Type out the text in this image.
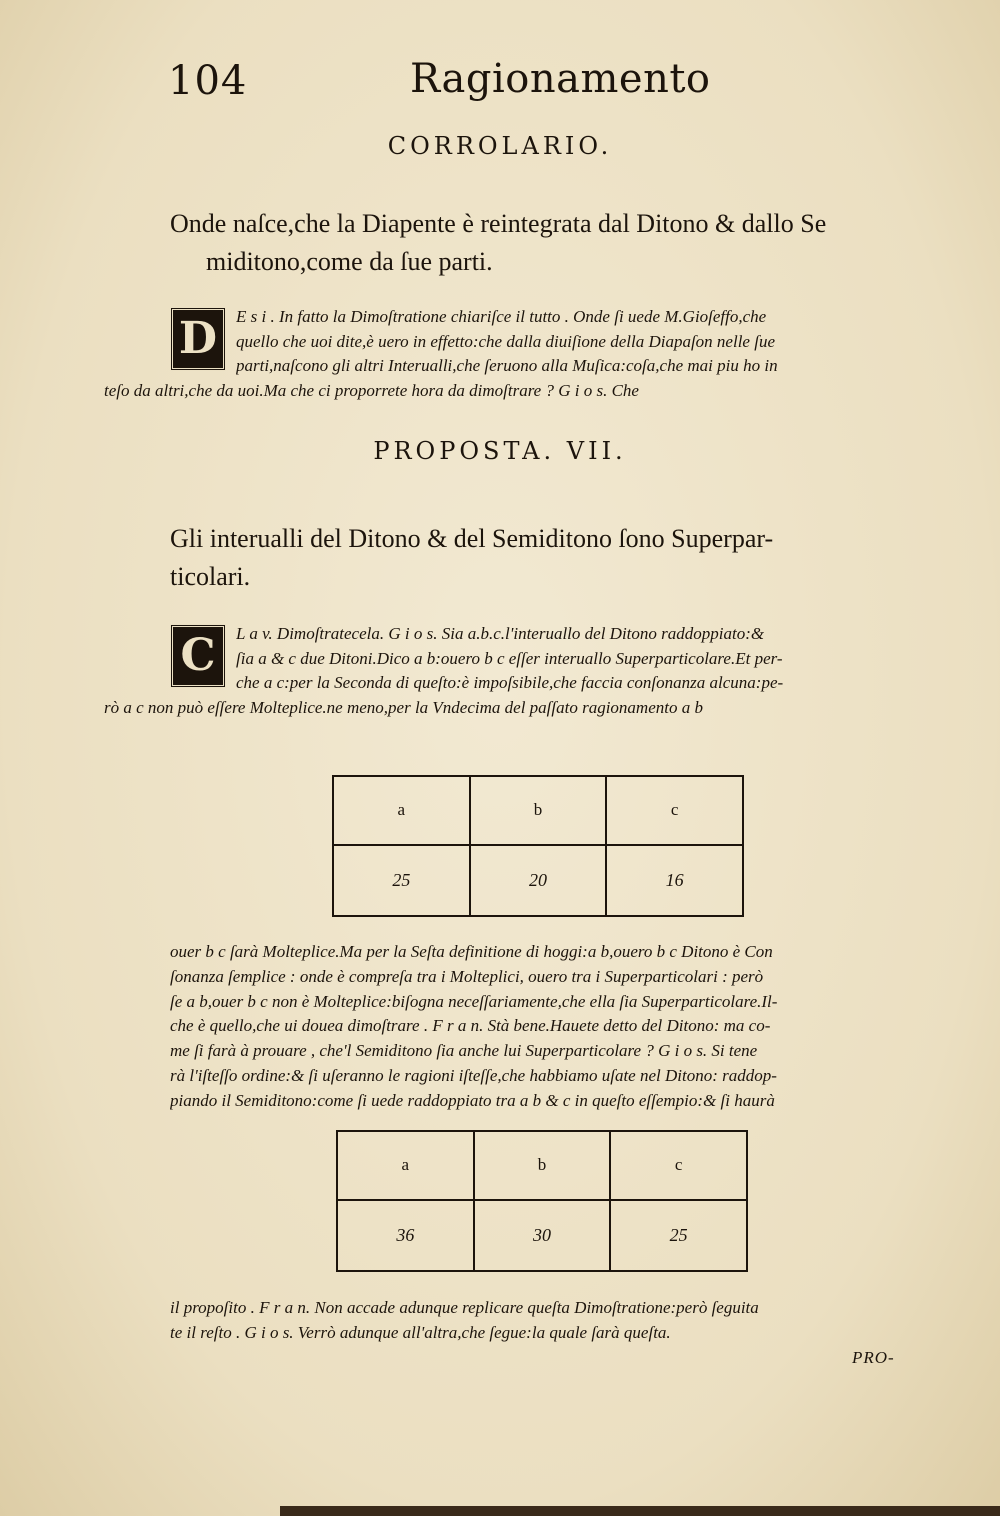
104	Ragionamento
CORROLARIO.
Onde naſce,che la Diapente è reintegrata dal Ditono & dallo Se
miditono,come da ſue parti.
D	E s i . In fatto la Dimoſtratione chiariſce il tutto . Onde ſi uede M.Gioſeffo,che
quello che uoi dite,è uero in effetto:che dalla diuiſione della Diapaſon nelle ſue
parti,naſcono gli altri Interualli,che ſeruono alla Muſica:coſa,che mai piu ho in
teſo da altri,che da uoi.Ma che ci proporrete hora da dimoſtrare ? G i o s. Che
PROPOSTA. VII.
Gli interualli del Ditono & del Semiditono ſono Superpar-
ticolari.
C	L a v. Dimoſtratecela. G i o s. Sia a.b.c.l'interuallo del Ditono raddoppiato:&
ſia a & c due Ditoni.Dico a b:ouero b c eſſer interuallo Superparticolare.Et per-
che a c:per la Seconda di queſto:è impoſsibile,che faccia conſonanza alcuna:pe-
rò a c non può eſſere Molteplice.ne meno,per la Vndecima del paſſato ragionamento a b
a	b	c
25	20	16
ouer b c ſarà Molteplice.Ma per la Seſta definitione di hoggi:a b,ouero b c Ditono è Con
ſonanza ſemplice : onde è compreſa tra i Molteplici, ouero tra i Superparticolari : però
ſe a b,ouer b c non è Molteplice:biſogna neceſſariamente,che ella ſia Superparticolare.Il-
che è quello,che ui douea dimoſtrare . F r a n. Stà bene.Hauete detto del Ditono: ma co-
me ſi farà à prouare , che'l Semiditono ſia anche lui Superparticolare ? G i o s. Si tene
rà l'iſteſſo ordine:& ſi uſeranno le ragioni iſteſſe,che habbiamo uſate nel Ditono: raddop-
piando il Semiditono:come ſi uede raddoppiato tra a b & c in queſto eſſempio:& ſi haurà
a	b	c
36	30	25
il propoſito . F r a n. Non accade adunque replicare queſta Dimoſtratione:però ſeguita
te il reſto . G i o s. Verrò adunque all'altra,che ſegue:la quale ſarà queſta.
PRO-
